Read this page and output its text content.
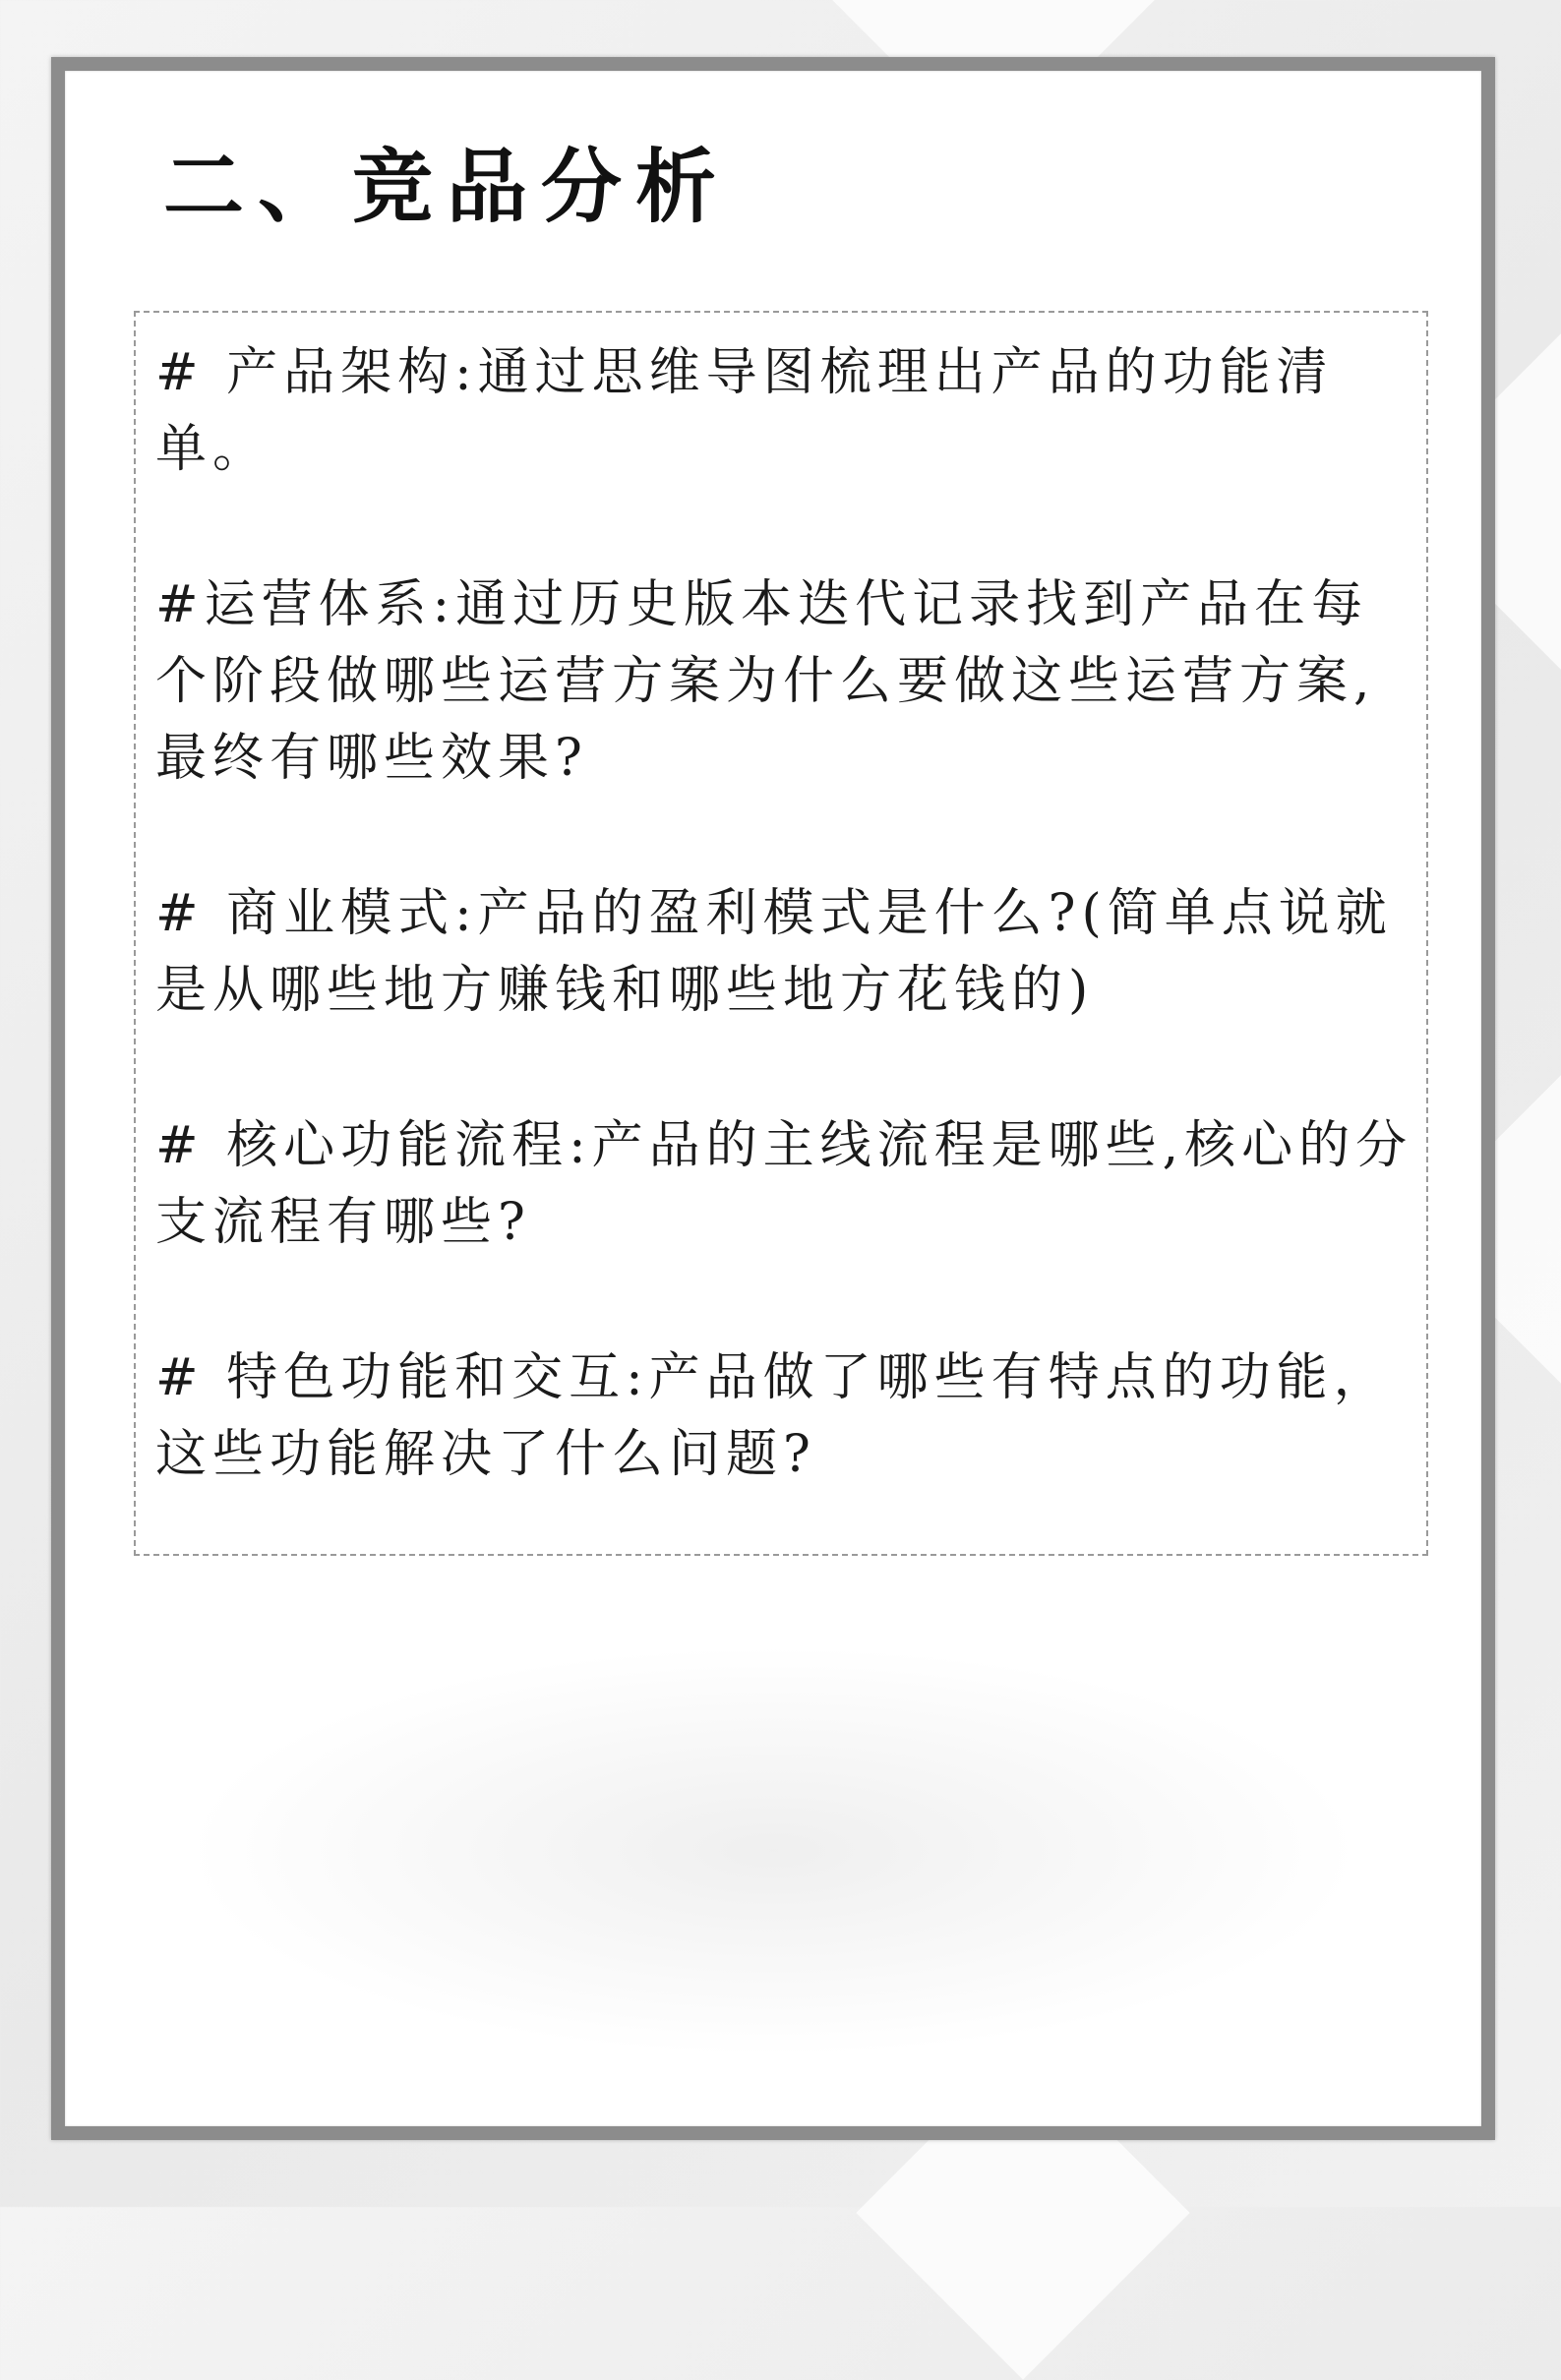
二、竞品分析

# 产品架构:通过思维导图梳理出产品的功能清单。

#运营体系:通过历史版本迭代记录找到产品在每个阶段做哪些运营方案为什么要做这些运营方案,最终有哪些效果?

# 商业模式:产品的盈利模式是什么?(简单点说就是从哪些地方赚钱和哪些地方花钱的)

# 核心功能流程:产品的主线流程是哪些,核心的分支流程有哪些?

# 特色功能和交互:产品做了哪些有特点的功能，这些功能解决了什么问题?
